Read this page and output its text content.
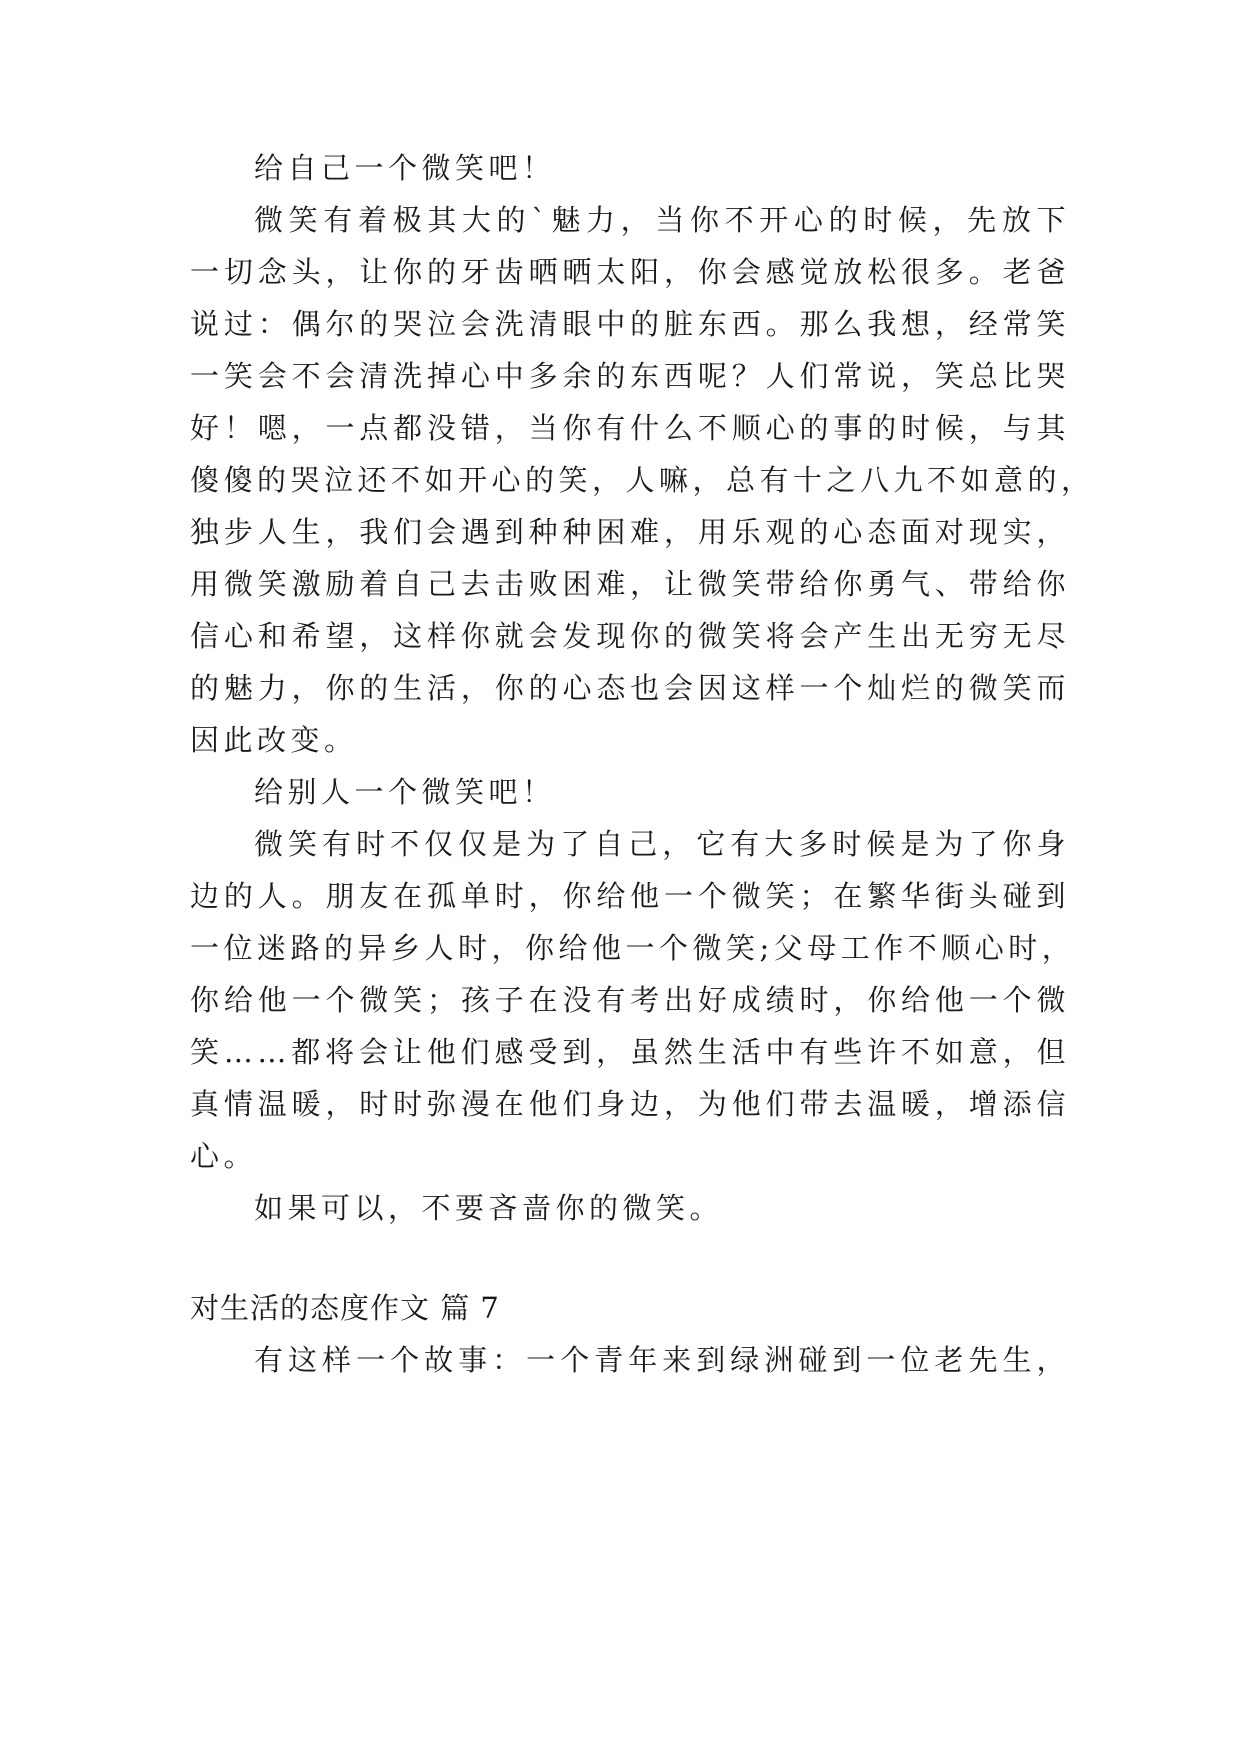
给自己一个微笑吧！
微笑有着极其大的`魅力，当你不开心的时候，先放下
一切念头，让你的牙齿晒晒太阳，你会感觉放松很多。老爸
说过：偶尔的哭泣会洗清眼中的脏东西。那么我想，经常笑
一笑会不会清洗掉心中多余的东西呢？人们常说，笑总比哭
好！嗯，一点都没错，当你有什么不顺心的事的时候，与其
傻傻的哭泣还不如开心的笑，人嘛，总有十之八九不如意的，
独步人生，我们会遇到种种困难，用乐观的心态面对现实，
用微笑激励着自己去击败困难，让微笑带给你勇气、带给你
信心和希望，这样你就会发现你的微笑将会产生出无穷无尽
的魅力，你的生活，你的心态也会因这样一个灿烂的微笑而
因此改变。
给别人一个微笑吧！
微笑有时不仅仅是为了自己，它有大多时候是为了你身
边的人。朋友在孤单时，你给他一个微笑；在繁华街头碰到
一位迷路的异乡人时，你给他一个微笑;父母工作不顺心时，
你给他一个微笑；孩子在没有考出好成绩时，你给他一个微
笑……都将会让他们感受到，虽然生活中有些许不如意，但
真情温暖，时时弥漫在他们身边，为他们带去温暖，增添信
心。
如果可以，不要吝啬你的微笑。
对生活的态度作文 篇 7
有这样一个故事：一个青年来到绿洲碰到一位老先生，
